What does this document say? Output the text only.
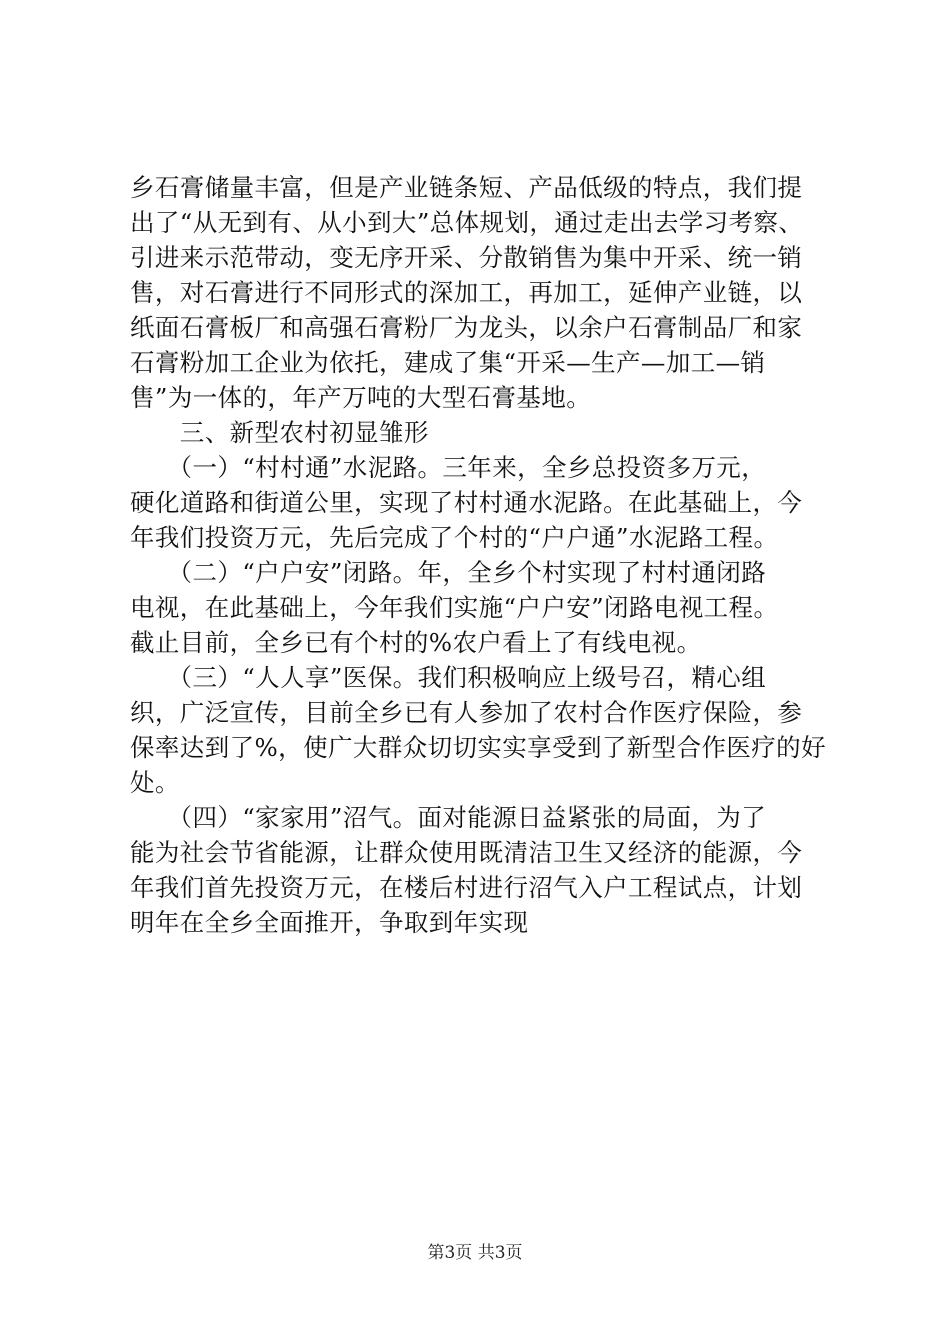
乡石膏储量丰富，但是产业链条短、产品低级的特点，我们提
出了“从无到有、从小到大”总体规划，通过走出去学习考察、
引进来示范带动，变无序开采、分散销售为集中开采、统一销
售，对石膏进行不同形式的深加工，再加工，延伸产业链，以
纸面石膏板厂和高强石膏粉厂为龙头，以余户石膏制品厂和家
石膏粉加工企业为依托，建成了集“开采—生产—加工—销
售”为一体的，年产万吨的大型石膏基地。
　　三、新型农村初显雏形
　　（一）“村村通”水泥路。三年来，全乡总投资多万元，
硬化道路和街道公里，实现了村村通水泥路。在此基础上，今
年我们投资万元，先后完成了个村的“户户通”水泥路工程。
　　（二）“户户安”闭路。年，全乡个村实现了村村通闭路
电视，在此基础上，今年我们实施“户户安”闭路电视工程。
截止目前，全乡已有个村的%农户看上了有线电视。
　　（三）“人人享”医保。我们积极响应上级号召，精心组
织，广泛宣传，目前全乡已有人参加了农村合作医疗保险，参
保率达到了%，使广大群众切切实实享受到了新型合作医疗的好
处。
　　（四）“家家用”沼气。面对能源日益紧张的局面，为了
能为社会节省能源，让群众使用既清洁卫生又经济的能源，今
年我们首先投资万元，在楼后村进行沼气入户工程试点，计划
明年在全乡全面推开，争取到年实现
第3页 共3页
